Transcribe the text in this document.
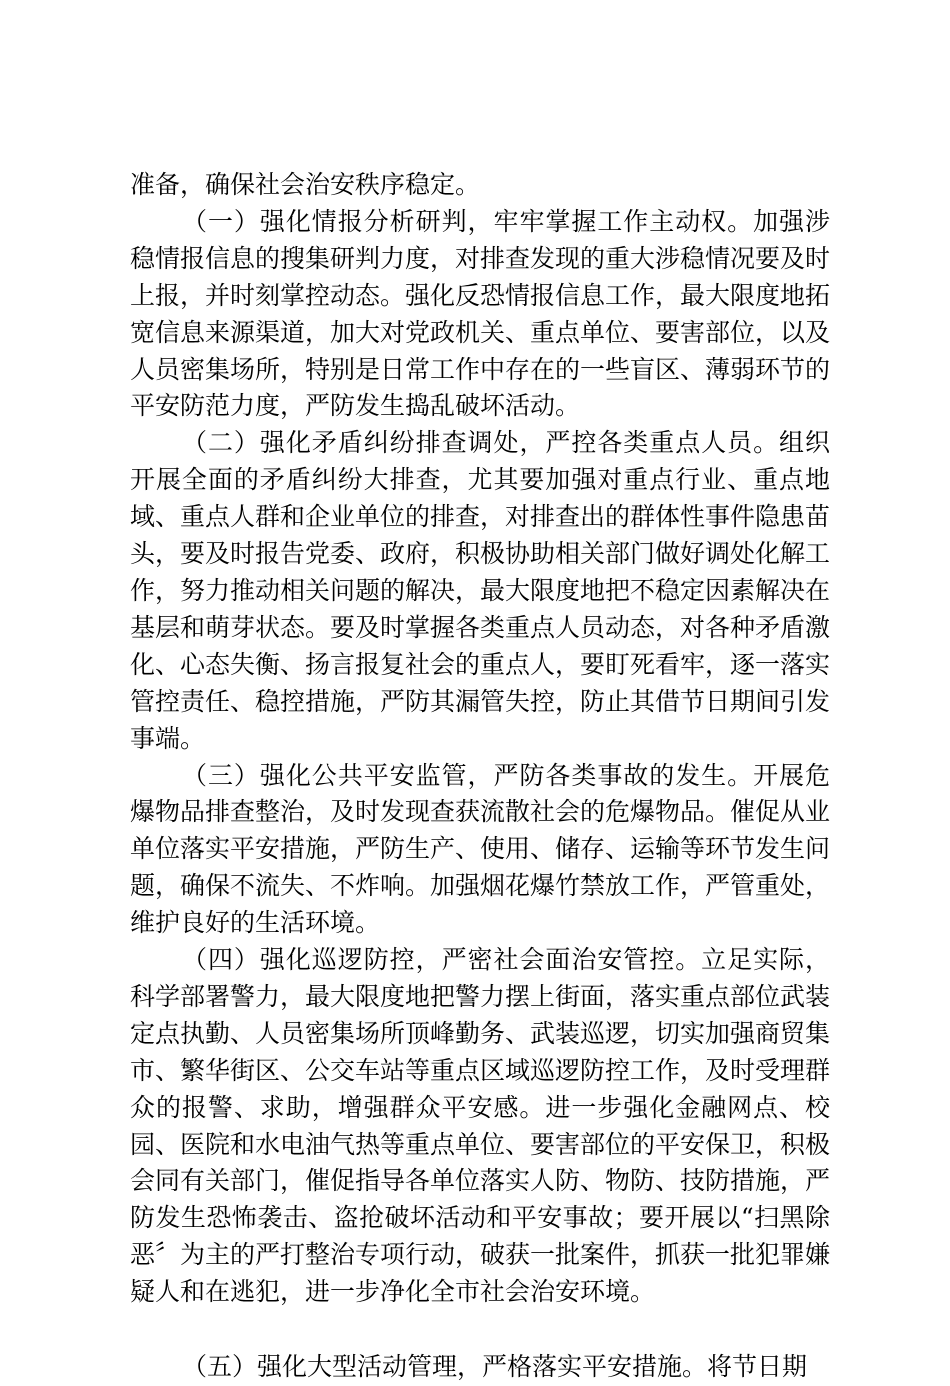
准备，确保社会治安秩序稳定。

（一）强化情报分析研判，牢牢掌握工作主动权。加强涉稳情报信息的搜集研判力度，对排查发现的重大涉稳情况要及时上报，并时刻掌控动态。强化反恐情报信息工作，最大限度地拓宽信息来源渠道，加大对党政机关、重点单位、要害部位，以及人员密集场所，特别是日常工作中存在的一些盲区、薄弱环节的平安防范力度，严防发生捣乱破坏活动。

（二）强化矛盾纠纷排查调处，严控各类重点人员。组织开展全面的矛盾纠纷大排查，尤其要加强对重点行业、重点地域、重点人群和企业单位的排查，对排查出的群体性事件隐患苗头，要及时报告党委、政府，积极协助相关部门做好调处化解工作，努力推动相关问题的解决，最大限度地把不稳定因素解决在基层和萌芽状态。要及时掌握各类重点人员动态，对各种矛盾激化、心态失衡、扬言报复社会的重点人，要盯死看牢，逐一落实管控责任、稳控措施，严防其漏管失控，防止其借节日期间引发事端。

（三）强化公共平安监管，严防各类事故的发生。开展危爆物品排查整治，及时发现查获流散社会的危爆物品。催促从业单位落实平安措施，严防生产、使用、储存、运输等环节发生问题，确保不流失、不炸响。加强烟花爆竹禁放工作，严管重处，维护良好的生活环境。

（四）强化巡逻防控，严密社会面治安管控。立足实际，科学部署警力，最大限度地把警力摆上街面，落实重点部位武装定点执勤、人员密集场所顶峰勤务、武装巡逻，切实加强商贸集市、繁华街区、公交车站等重点区域巡逻防控工作，及时受理群众的报警、求助，增强群众平安感。进一步强化金融网点、校园、医院和水电油气热等重点单位、要害部位的平安保卫，积极会同有关部门，催促指导各单位落实人防、物防、技防措施，严防发生恐怖袭击、盗抢破坏活动和平安事故；要开展以“扫黑除恶〞为主的严打整治专项行动，破获一批案件，抓获一批犯罪嫌疑人和在逃犯，进一步净化全市社会治安环境。

（五）强化大型活动管理，严格落实平安措施。将节日期
